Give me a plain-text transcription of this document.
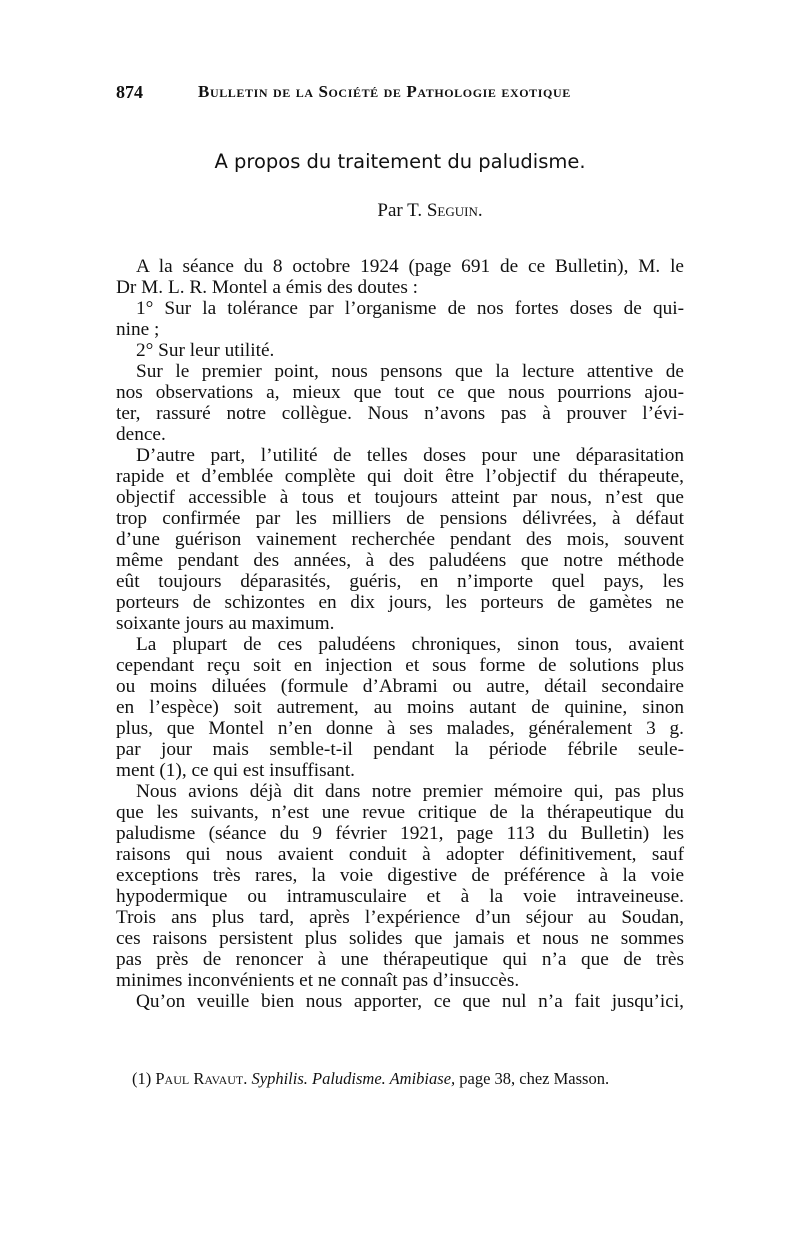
874	Bulletin de la Société de Pathologie exotique
A propos du traitement du paludisme.
Par T. Seguin.
A la séance du 8 octobre 1924 (page 691 de ce Bulletin), M. le
Dr M. L. R. Montel a émis des doutes :
1° Sur la tolérance par l’organisme de nos fortes doses de qui-
nine ;
2° Sur leur utilité.
Sur le premier point, nous pensons que la lecture attentive de
nos observations a, mieux que tout ce que nous pourrions ajou-
ter, rassuré notre collègue. Nous n’avons pas à prouver l’évi-
dence.
D’autre part, l’utilité de telles doses pour une déparasitation
rapide et d’emblée complète qui doit être l’objectif du thérapeute,
objectif accessible à tous et toujours atteint par nous, n’est que
trop confirmée par les milliers de pensions délivrées, à défaut
d’une guérison vainement recherchée pendant des mois, souvent
même pendant des années, à des paludéens que notre méthode
eût toujours déparasités, guéris, en n’importe quel pays, les
porteurs de schizontes en dix jours, les porteurs de gamètes ne
soixante jours au maximum.
La plupart de ces paludéens chroniques, sinon tous, avaient
cependant reçu soit en injection et sous forme de solutions plus
ou moins diluées (formule d’Abrami ou autre, détail secondaire
en l’espèce) soit autrement, au moins autant de quinine, sinon
plus, que Montel n’en donne à ses malades, généralement 3 g.
par jour mais semble-t-il pendant la période fébrile seule-
ment (1), ce qui est insuffisant.
Nous avions déjà dit dans notre premier mémoire qui, pas plus
que les suivants, n’est une revue critique de la thérapeutique du
paludisme (séance du 9 février 1921, page 113 du Bulletin) les
raisons qui nous avaient conduit à adopter définitivement, sauf
exceptions très rares, la voie digestive de préférence à la voie
hypodermique ou intramusculaire et à la voie intraveineuse.
Trois ans plus tard, après l’expérience d’un séjour au Soudan,
ces raisons persistent plus solides que jamais et nous ne sommes
pas près de renoncer à une thérapeutique qui n’a que de très
minimes inconvénients et ne connaît pas d’insuccès.
Qu’on veuille bien nous apporter, ce que nul n’a fait jusqu’ici,
(1) Paul Ravaut. Syphilis. Paludisme. Amibiase, page 38, chez Masson.
